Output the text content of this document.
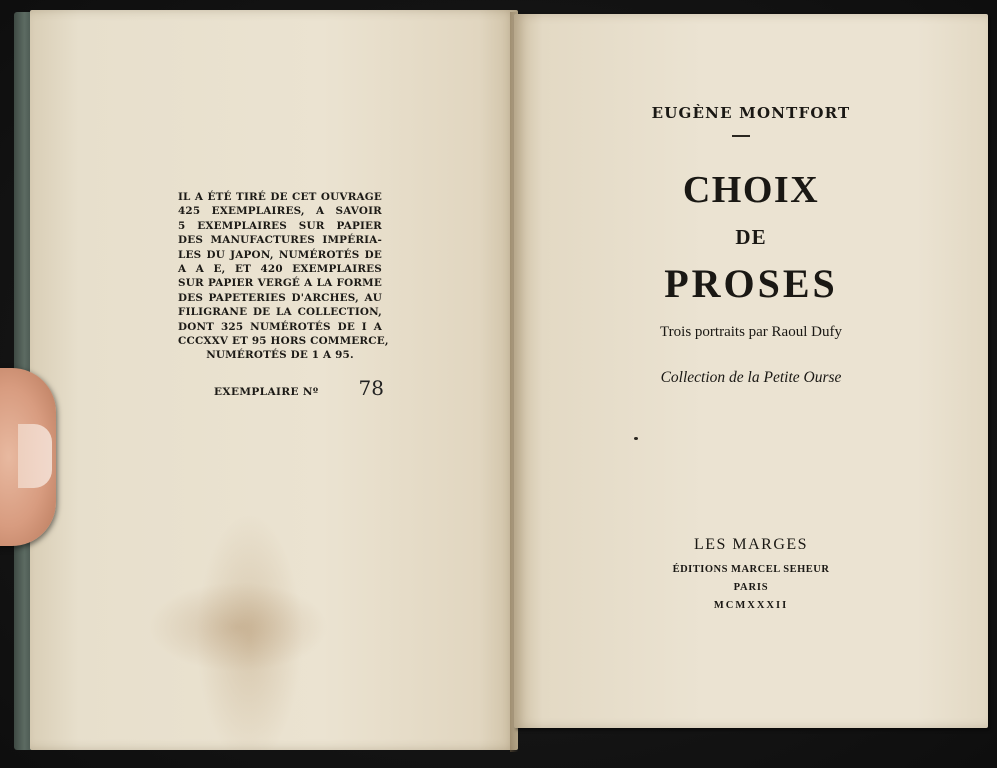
IL A ÉTÉ TIRÉ DE CET OUVRAGE
425 EXEMPLAIRES, A SAVOIR
5 EXEMPLAIRES SUR PAPIER
DES MANUFACTURES IMPÉRIA-
LES DU JAPON, NUMÉROTÉS DE
A A E, ET 420 EXEMPLAIRES
SUR PAPIER VERGÉ A LA FORME
DES PAPETERIES D'ARCHES, AU
FILIGRANE DE LA COLLECTION,
DONT 325 NUMÉROTÉS DE I A
CCCXXV ET 95 HORS COMMERCE,
NUMÉROTÉS DE 1 A 95.
EXEMPLAIRE Nº 78
EUGÈNE MONTFORT
CHOIX
DE
PROSES
Trois portraits par Raoul Dufy
Collection de la Petite Ourse
LES MARGES
ÉDITIONS MARCEL SEHEUR
PARIS
MCMXXXII
